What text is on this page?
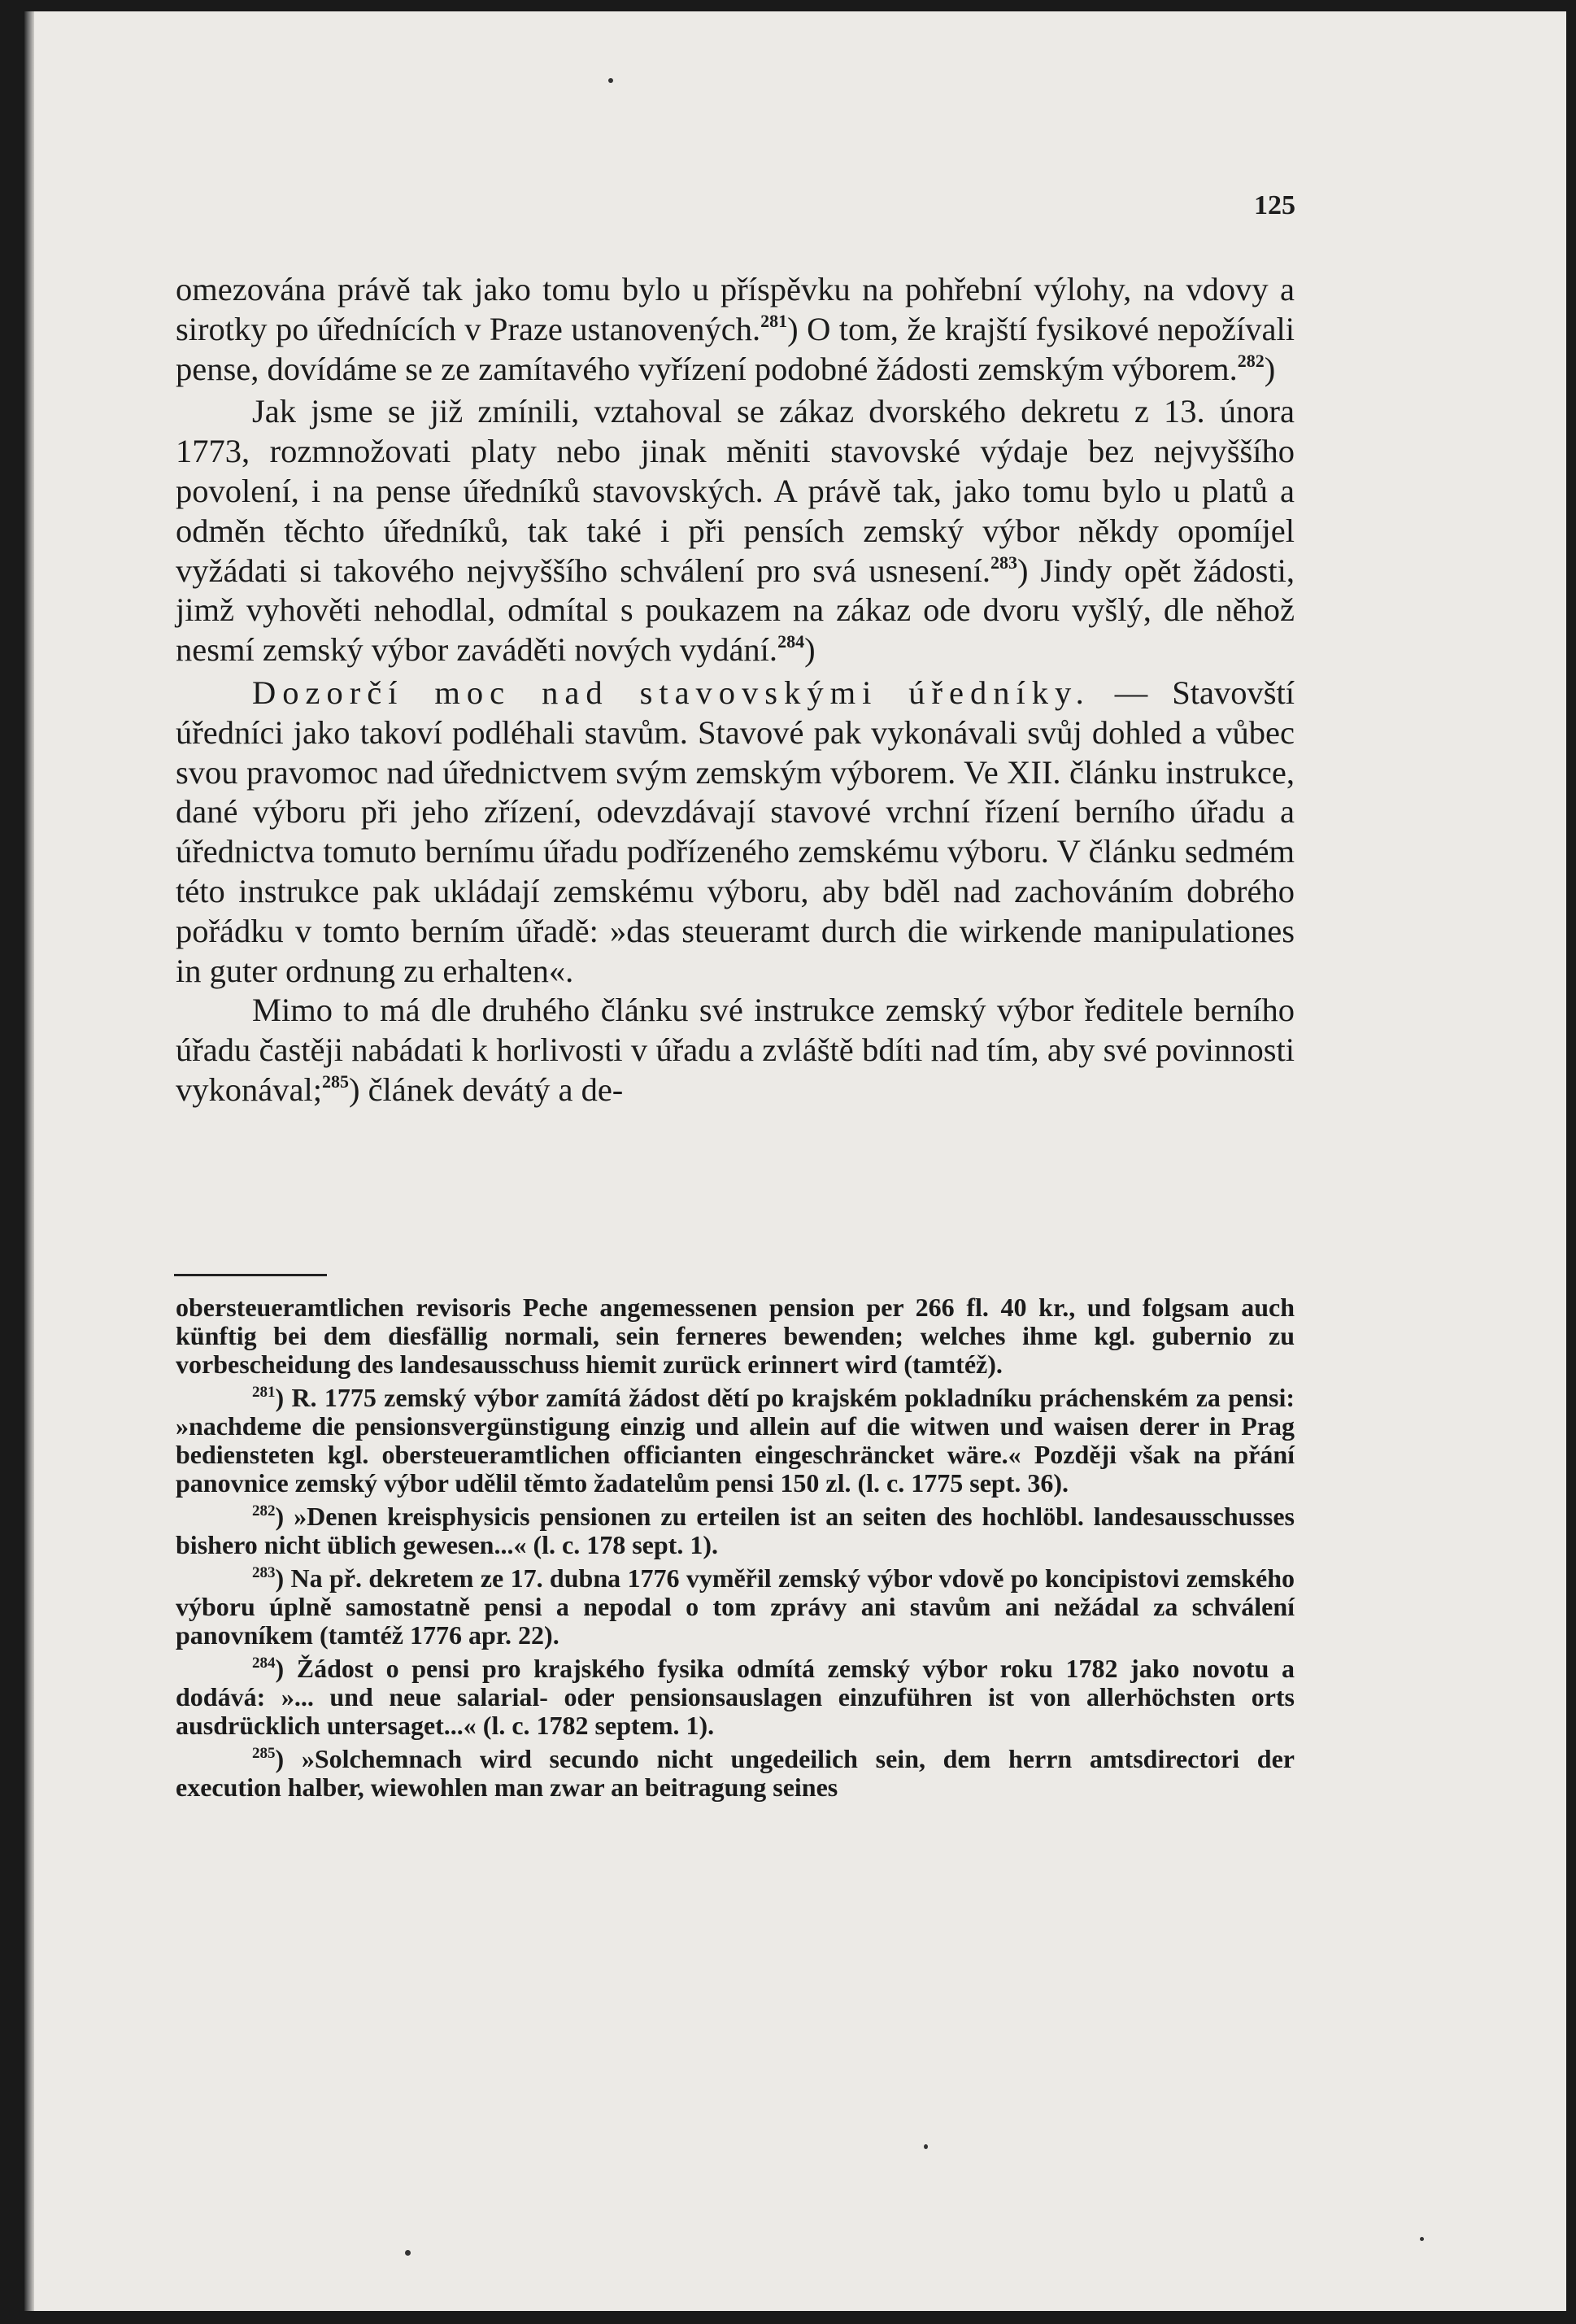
125

omezována právě tak jako tomu bylo u příspěvku na pohřební výlohy, na vdovy a sirotky po úřednících v Praze ustanovených.$^{281}$) O tom, že krajští fysikové nepožívali pense, dovídáme se ze zamítavého vyřízení podobné žádosti zemským výborem.$^{282}$)

Jak jsme se již zmínili, vztahoval se zákaz dvorského dekretu z 13. února 1773, rozmnožovati platy nebo jinak měniti stavovské výdaje bez nejvyššího povolení, i na pense úředníků stavovských. A právě tak, jako tomu bylo u platů a odměn těchto úředníků, tak také i při pensích zemský výbor někdy opomíjel vyžádati si takového nejvyššího schválení pro svá usnesení.$^{283}$) Jindy opět žádosti, jimž vyhověti nehodlal, odmítal s poukazem na zákaz ode dvoru vyšlý, dle něhož nesmí zemský výbor zaváděti nových vydání.$^{284}$)

Dozorčí moc nad stavovskými úředníky. — Stavovští úředníci jako takoví podléhali stavům. Stavové pak vykonávali svůj dohled a vůbec svou pravomoc nad úřednictvem svým zemským výborem. Ve XII. článku instrukce, dané výboru při jeho zřízení, odevzdávají stavové vrchní řízení berního úřadu a úřednictva tomuto bernímu úřadu podřízeného zemskému výboru. V článku sedmém této instrukce pak ukládají zemskému výboru, aby bděl nad zachováním dobrého pořádku v tomto berním úřadě: »das steueramt durch die wirkende manipulationes in guter ordnung zu erhalten«.

Mimo to má dle druhého článku své instrukce zemský výbor ředitele berního úřadu častěji nabádati k horlivosti v úřadu a zvláště bdíti nad tím, aby své povinnosti vykonával;$^{285}$) článek devátý a de-

obersteueramtlichen revisoris Peche angemessenen pension per 266 fl. 40 kr., und folgsam auch künftig bei dem diesfällig normali, sein ferneres bewenden; welches ihme kgl. gubernio zu vorbescheidung des landesausschuss hiemit zurück erinnert wird (tamtéž).

$^{281}$) R. 1775 zemský výbor zamítá žádost dětí po krajském pokladníku práchenském za pensi: »nachdeme die pensionsvergünstigung einzig und allein auf die witwen und waisen derer in Prag bediensteten kgl. obersteueramtlichen officianten eingeschräncket wäre.« Později však na přání panovnice zemský výbor udělil těmto žadatelům pensi 150 zl. (l. c. 1775 sept. 36).

$^{282}$) »Denen kreisphysicis pensionen zu erteilen ist an seiten des hochlöbl. landesausschusses bishero nicht üblich gewesen...« (l. c. 178 sept. 1).

$^{283}$) Na př. dekretem ze 17. dubna 1776 vyměřil zemský výbor vdově po koncipistovi zemského výboru úplně samostatně pensi a nepodal o tom zprávy ani stavům ani nežádal za schválení panovníkem (tamtéž 1776 apr. 22).

$^{284}$) Žádost o pensi pro krajského fysika odmítá zemský výbor roku 1782 jako novotu a dodává: »... und neue salarial- oder pensionsauslagen einzuführen ist von allerhöchsten orts ausdrücklich untersaget...« (l. c. 1782 septem. 1).

$^{285}$) »Solchemnach wird secundo nicht ungedeilich sein, dem herrn amtsdirectori der execution halber, wiewohlen man zwar an beitragung seines
